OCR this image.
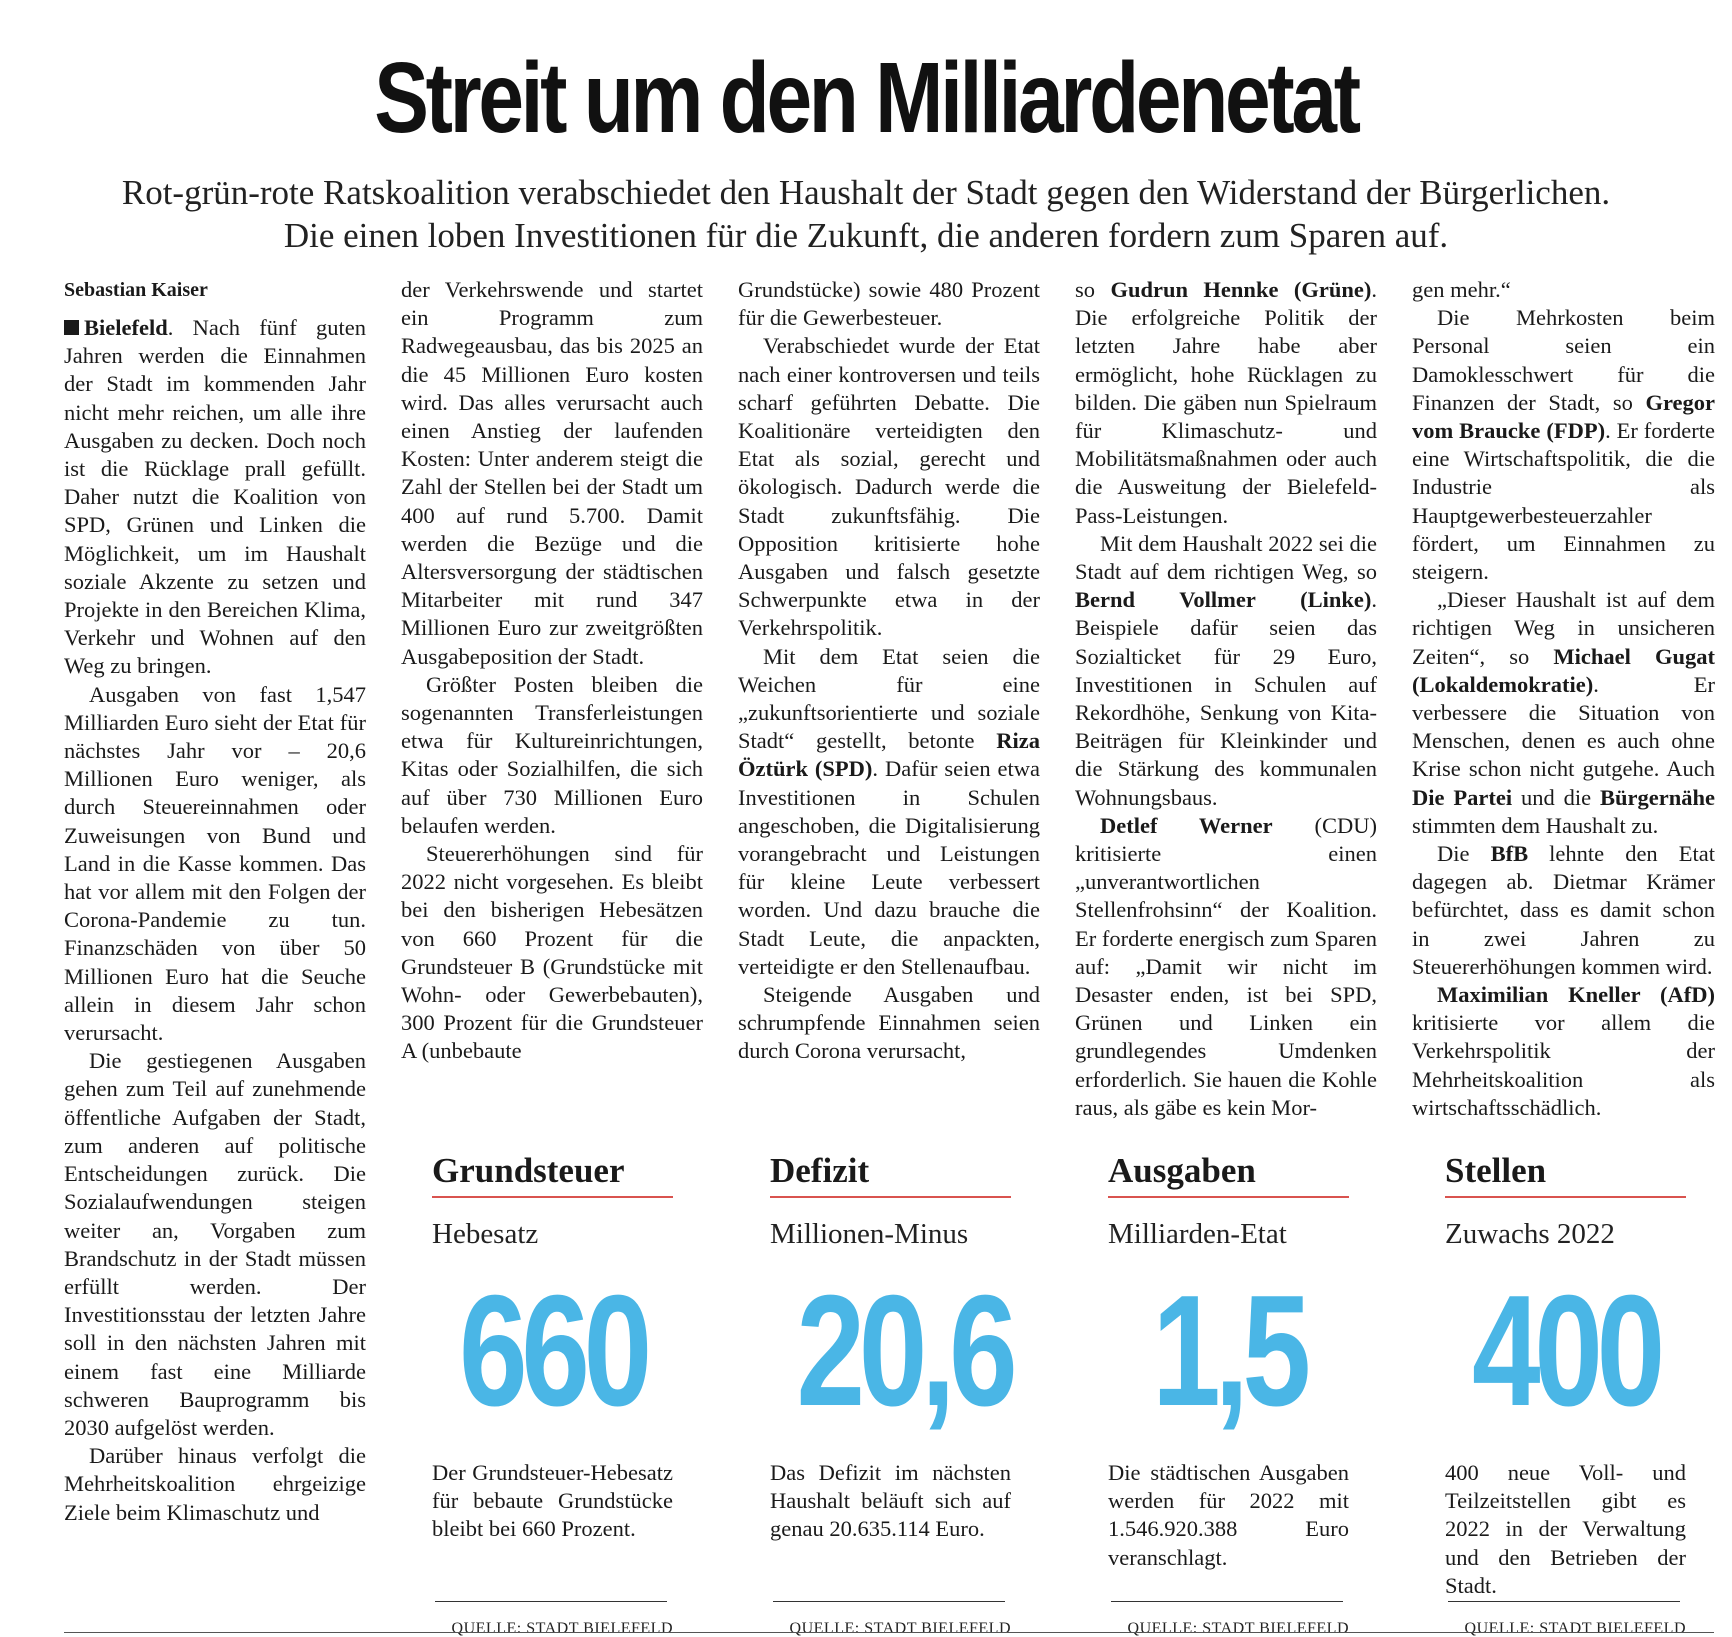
Streit um den Milliardenetat
Rot-grün-rote Ratskoalition verabschiedet den Haushalt der Stadt gegen den Widerstand der Bürgerlichen.
Die einen loben Investitionen für die Zukunft, die anderen fordern zum Sparen auf.
Sebastian Kaiser

Bielefeld. Nach fünf guten Jahren werden die Einnahmen der Stadt im kommenden Jahr nicht mehr reichen, um alle ihre Ausgaben zu decken. Doch noch ist die Rücklage prall gefüllt. Daher nutzt die Koalition von SPD, Grünen und Linken die Möglichkeit, um im Haushalt soziale Akzente zu setzen und Projekte in den Bereichen Klima, Verkehr und Wohnen auf den Weg zu bringen.

Ausgaben von fast 1,547 Milliarden Euro sieht der Etat für nächstes Jahr vor – 20,6 Millionen Euro weniger, als durch Steuereinnahmen oder Zuweisungen von Bund und Land in die Kasse kommen. Das hat vor allem mit den Folgen der Corona-Pandemie zu tun. Finanzschäden von über 50 Millionen Euro hat die Seuche allein in diesem Jahr schon verursacht.

Die gestiegenen Ausgaben gehen zum Teil auf zunehmende öffentliche Aufgaben der Stadt, zum anderen auf politische Entscheidungen zurück. Die Sozialaufwendungen steigen weiter an, Vorgaben zum Brandschutz in der Stadt müssen erfüllt werden. Der Investitionsstau der letzten Jahre soll in den nächsten Jahren mit einem fast eine Milliarde schweren Bauprogramm bis 2030 aufgelöst werden.

Darüber hinaus verfolgt die Mehrheitskoalition ehrgeizige Ziele beim Klimaschutz und

der Verkehrswende und startet ein Programm zum Radwegeausbau, das bis 2025 an die 45 Millionen Euro kosten wird. Das alles verursacht auch einen Anstieg der laufenden Kosten: Unter anderem steigt die Zahl der Stellen bei der Stadt um 400 auf rund 5.700. Damit werden die Bezüge und die Altersversorgung der städtischen Mitarbeiter mit rund 347 Millionen Euro zur zweitgrößten Ausgabeposition der Stadt.

Größter Posten bleiben die sogenannten Transferleistungen etwa für Kultureinrichtungen, Kitas oder Sozialhilfen, die sich auf über 730 Millionen Euro belaufen werden.

Steuererhöhungen sind für 2022 nicht vorgesehen. Es bleibt bei den bisherigen Hebesätzen von 660 Prozent für die Grundsteuer B (Grundstücke mit Wohn- oder Gewerbebauten), 300 Prozent für die Grundsteuer A (unbebaute

Grundstücke) sowie 480 Prozent für die Gewerbesteuer.

Verabschiedet wurde der Etat nach einer kontroversen und teils scharf geführten Debatte. Die Koalitionäre verteidigten den Etat als sozial, gerecht und ökologisch. Dadurch werde die Stadt zukunftsfähig. Die Opposition kritisierte hohe Ausgaben und falsch gesetzte Schwerpunkte etwa in der Verkehrspolitik.

Mit dem Etat seien die Weichen für eine „zukunftsorientierte und soziale Stadt“ gestellt, betonte Riza Öztürk (SPD). Dafür seien etwa Investitionen in Schulen angeschoben, die Digitalisierung vorangebracht und Leistungen für kleine Leute verbessert worden. Und dazu brauche die Stadt Leute, die anpackten, verteidigte er den Stellenaufbau.

Steigende Ausgaben und schrumpfende Einnahmen seien durch Corona verursacht,

so Gudrun Hennke (Grüne). Die erfolgreiche Politik der letzten Jahre habe aber ermöglicht, hohe Rücklagen zu bilden. Die gäben nun Spielraum für Klimaschutz- und Mobilitätsmaßnahmen oder auch die Ausweitung der Bielefeld-Pass-Leistungen.

Mit dem Haushalt 2022 sei die Stadt auf dem richtigen Weg, so Bernd Vollmer (Linke). Beispiele dafür seien das Sozialticket für 29 Euro, Investitionen in Schulen auf Rekordhöhe, Senkung von Kita-Beiträgen für Kleinkinder und die Stärkung des kommunalen Wohnungsbaus.

Detlef Werner (CDU) kritisierte einen „unverantwortlichen Stellenfrohsinn“ der Koalition. Er forderte energisch zum Sparen auf: „Damit wir nicht im Desaster enden, ist bei SPD, Grünen und Linken ein grundlegendes Umdenken erforderlich. Sie hauen die Kohle raus, als gäbe es kein Mor-

gen mehr.“

Die Mehrkosten beim Personal seien ein Damoklesschwert für die Finanzen der Stadt, so Gregor vom Braucke (FDP). Er forderte eine Wirtschaftspolitik, die die Industrie als Hauptgewerbesteuerzahler fördert, um Einnahmen zu steigern.

„Dieser Haushalt ist auf dem richtigen Weg in unsicheren Zeiten“, so Michael Gugat (Lokaldemokratie). Er verbessere die Situation von Menschen, denen es auch ohne Krise schon nicht gutgehe. Auch Die Partei und die Bürgernähe stimmten dem Haushalt zu.

Die BfB lehnte den Etat dagegen ab. Dietmar Krämer befürchtet, dass es damit schon in zwei Jahren zu Steuererhöhungen kommen wird.

Maximilian Kneller (AfD) kritisierte vor allem die Verkehrspolitik der Mehrheitskoalition als wirtschaftsschädlich.

Grundsteuer
Hebesatz
660
Der Grundsteuer-Hebesatz für bebaute Grundstücke bleibt bei 660 Prozent.
QUELLE: STADT BIELEFELD
Defizit
Millionen-Minus
20,6
Das Defizit im nächsten Haushalt beläuft sich auf genau 20.635.114 Euro.
QUELLE: STADT BIELEFELD
Ausgaben
Milliarden-Etat
1,5
Die städtischen Ausgaben werden für 2022 mit 1.546.920.388 Euro veranschlagt.
QUELLE: STADT BIELEFELD
Stellen
Zuwachs 2022
400
400 neue Voll- und Teilzeitstellen gibt es 2022 in der Verwaltung und den Betrieben der Stadt.
QUELLE: STADT BIELEFELD
